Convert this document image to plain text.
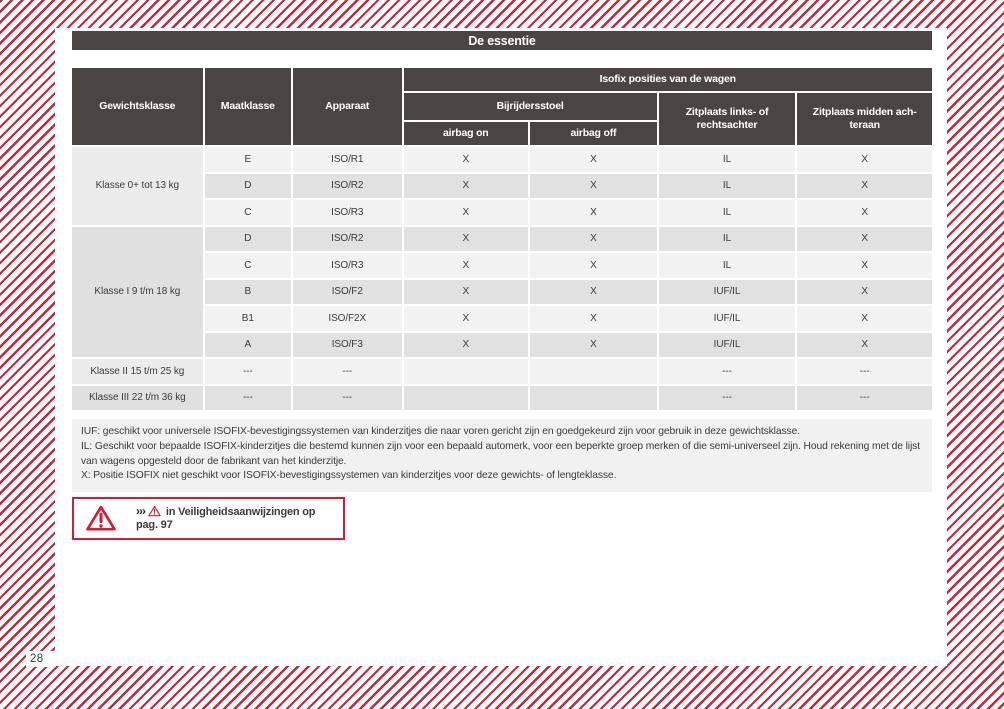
De essentie
Gewichtsklasse	Maatklasse	Apparaat	Isofix posities van de wagen			
			Bijrijdersstoel		Zitplaats links- of rechtsachter	Zitplaats midden ach-teraan
			airbag on	airbag off		
Klasse 0+ tot 13 kg	E	ISO/R1	X	X	IL	X
	D	ISO/R2	X	X	IL	X
	C	ISO/R3	X	X	IL	X
Klasse I 9 t/m 18 kg	D	ISO/R2	X	X	IL	X
	C	ISO/R3	X	X	IL	X
	B	ISO/F2	X	X	IUF/IL	X
	B1	ISO/F2X	X	X	IUF/IL	X
	A	ISO/F3	X	X	IUF/IL	X
Klasse II 15 t/m 25 kg	---	---			---	---
Klasse III 22 t/m 36 kg	---	---			---	---

IUF: geschikt voor universele ISOFIX-bevestigingssystemen van kinderzitjes die naar voren gericht zijn en goedgekeurd zijn voor gebruik in deze gewichtsklasse.

IL: Geschikt voor bepaalde ISOFIX-kinderzitjes die bestemd kunnen zijn voor een bepaald automerk, voor een beperkte groep merken of die semi-universeel zijn. Houd rekening met de lijst van wagens opgesteld door de fabrikant van het kinderzitje.

X: Positie ISOFIX niet geschikt voor ISOFIX-bevestigingssystemen van kinderzitjes voor deze gewichts- of lengteklasse.

››› in Veiligheidsaanwijzingen op pag. 97
28
